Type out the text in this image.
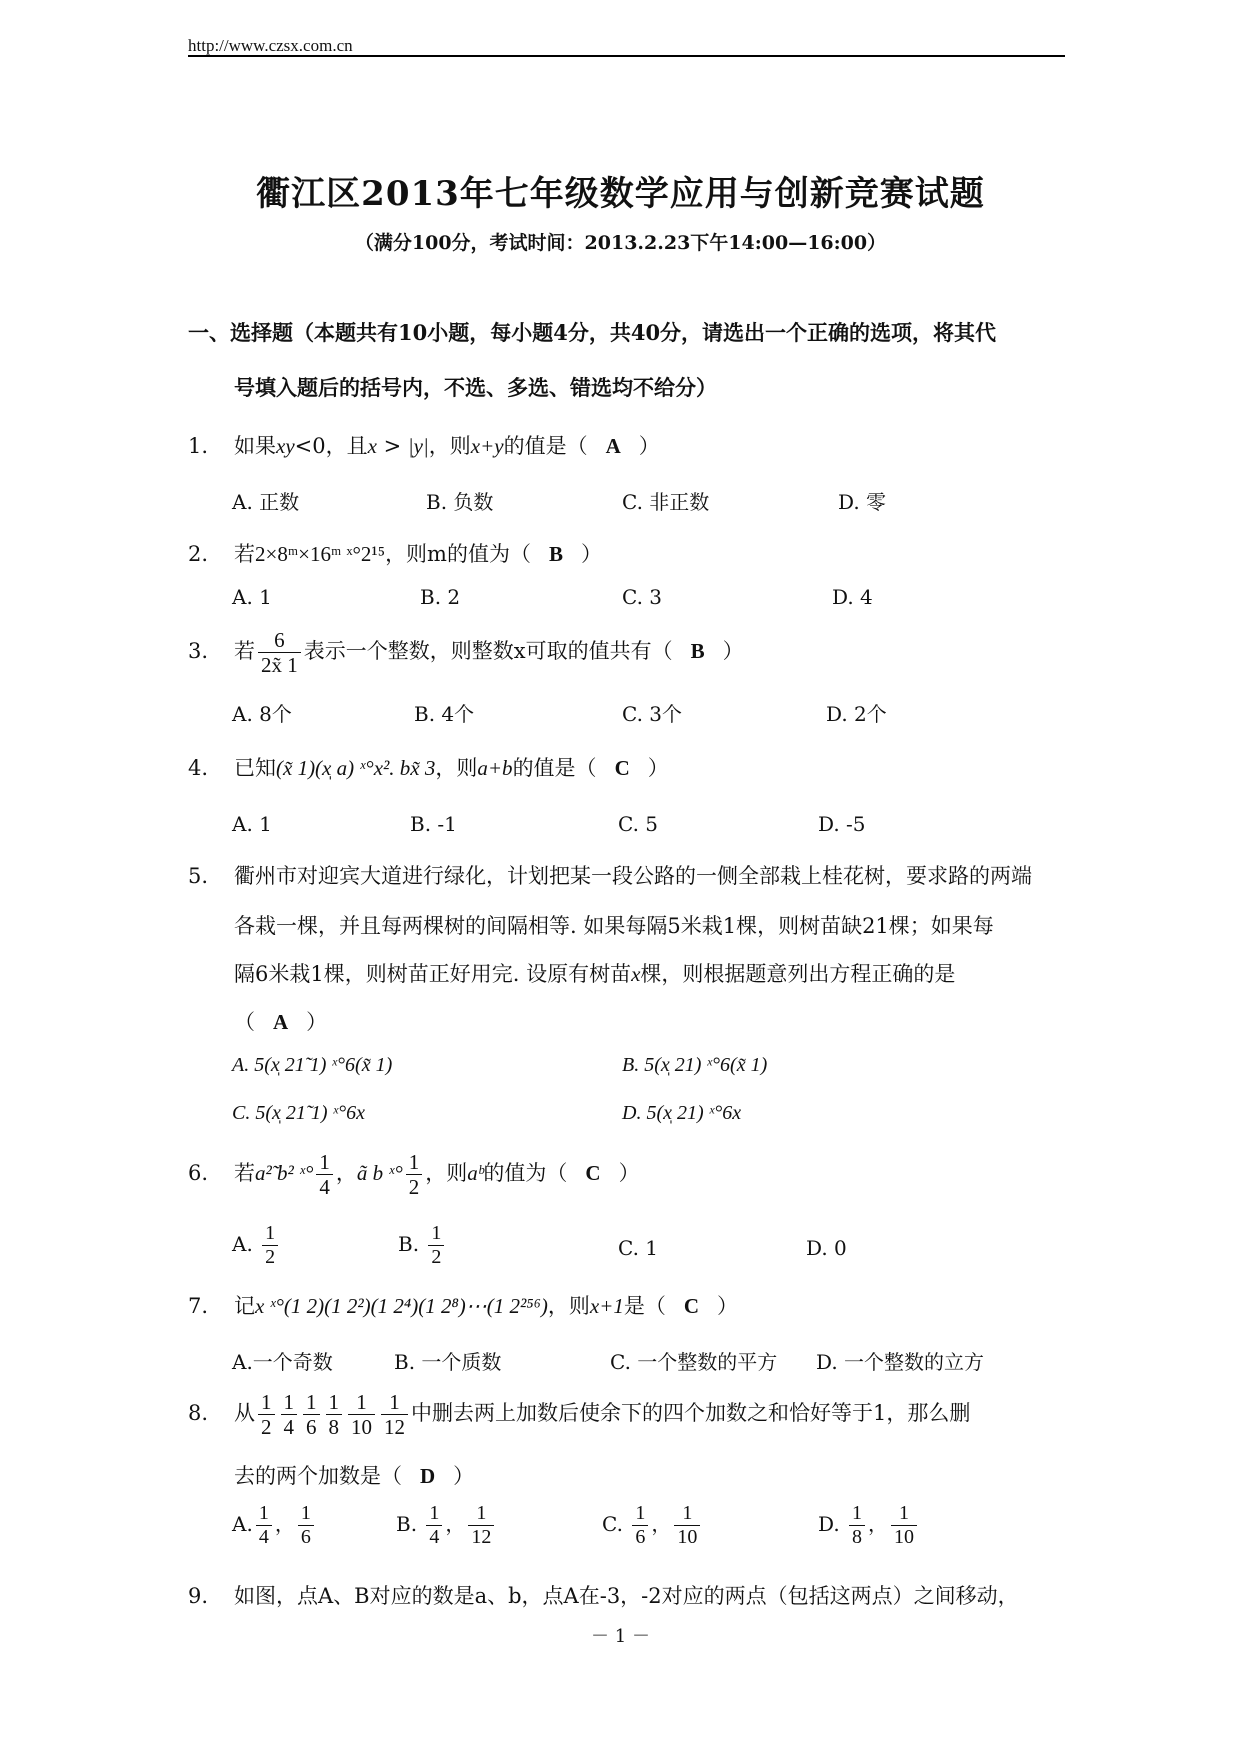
http://www.czsx.com.cn
衢江区2013年七年级数学应用与创新竞赛试题
（满分100分，考试时间：2013.2.23下午14:00—16:00）
一、选择题（本题共有10小题，每小题4分，共40分，请选出一个正确的选项，将其代
号填入题后的括号内，不选、多选、错选均不给分）
1. 如果xy<0，且x > |y|，则x+y的值是（ A ）
A. 正数	B. 负数	C. 非正数	D. 零
2. 若2×8ᵐ×16ᵐ ˣ°2¹⁵，则m的值为（ B ）
A. 1	B. 2	C. 3	D. 4
3. 若 $\frac{6}{2x̃ 1}$ 表示一个整数，则整数x可取的值共有（ B ）
A. 8个	B. 4个	C. 3个	D. 2个
4. 已知(x̃ 1)(x̩ a) ˣ°x². bx̃ 3，则a+b的值是（ C ）
A. 1	B. -1	C. 5	D. -5
5. 衢州市对迎宾大道进行绿化，计划把某一段公路的一侧全部栽上桂花树，要求路的两端
各栽一棵，并且每两棵树的间隔相等. 如果每隔5米栽1棵，则树苗缺21棵；如果每
隔6米栽1棵，则树苗正好用完. 设原有树苗x棵，则根据题意列出方程正确的是
（ A ）
A. 5(x̩ 21̃ 1) ˣ°6(x̃ 1)	B. 5(x̩ 21) ˣ°6(x̃ 1)
C. 5(x̩ 21̃ 1) ˣ°6x	D. 5(x̩ 21) ˣ°6x
6. 若a²̃ b² ˣ° $\frac{1}{4}$ ，ã b ˣ° $\frac{1}{2}$ ，则aᵇ的值为（ C ）
A. $\frac{1}{2}$	B. $\frac{1}{2}$	C. 1	D. 0
7. 记x ˣ°(1 2)(1 2²)(1 2⁴)(1 2⁸)⋯(1 2²⁵⁶)，则x+1是（ C ）
A.一个奇数	B. 一个质数	C. 一个整数的平方 D. 一个整数的立方
8. 从 $\frac{1}{2} \frac{1}{4} \frac{1}{6} \frac{1}{8} \frac{1}{10} \frac{1}{12}$ 中删去两上加数后使余下的四个加数之和恰好等于1，那么删
去的两个加数是（ D ）
A. $\frac{1}{4}$ ， $\frac{1}{6}$	B. $\frac{1}{4}$ ， $\frac{1}{12}$	C. $\frac{1}{6}$ ， $\frac{1}{10}$	D. $\frac{1}{8}$ ， $\frac{1}{10}$
9. 如图，点A、B对应的数是a、b，点A在-3，-2对应的两点（包括这两点）之间移动，
－ 1 －
